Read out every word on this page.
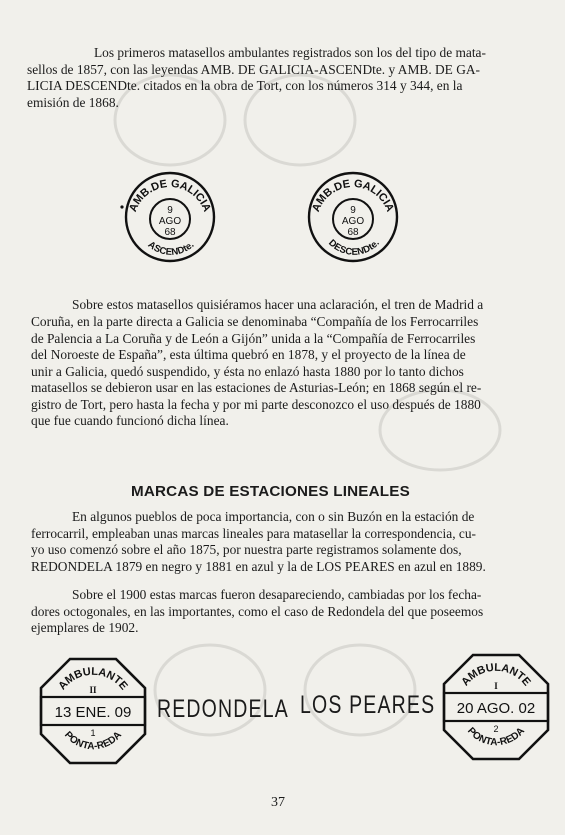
Los primeros matasellos ambulantes registrados son los del tipo de mata-
sellos de 1857, con las leyendas AMB. DE GALICIA-ASCENDte. y AMB. DE GA-
LICIA DESCENDte. citados en la obra de Tort, con los números 314 y 344, en la
emisión de 1868.
AMB.DE GALICIA
9
AGO
68
ASCENDte.
AMB.DE GALICIA
9
AGO
68
DESCENDte.
Sobre estos matasellos quisiéramos hacer una aclaración, el tren de Madrid a
Coruña, en la parte directa a Galicia se denominaba “Compañía de los Ferrocarriles
de Palencia a La Coruña y de León a Gijón” unida a la “Compañía de Ferrocarriles
del Noroeste de España”, esta última quebró en 1878, y el proyecto de la línea de
unir a Galicia, quedó suspendido, y ésta no enlazó hasta 1880 por lo tanto dichos
matasellos se debieron usar en las estaciones de Asturias-León; en 1868 según el re-
gistro de Tort, pero hasta la fecha y por mi parte desconozco el uso después de 1880
que fue cuando funcionó dicha línea.
MARCAS DE ESTACIONES LINEALES
En algunos pueblos de poca importancia, con o sin Buzón en la estación de
ferrocarril, empleaban unas marcas lineales para matasellar la correspondencia, cu-
yo uso comenzó sobre el año 1875, por nuestra parte registramos solamente dos,
REDONDELA 1879 en negro y 1881 en azul y la de LOS PEARES en azul en 1889.
Sobre el 1900 estas marcas fueron desapareciendo, cambiadas por los fecha-
dores octogonales, en las importantes, como el caso de Redondela del que poseemos
ejemplares de 1902.
AMBULANTE
II
13 ENE. 09
1
PONTA-REDA
REDONDELA LOS PEARES
AMBULANTE
I
20 AGO. 02
2
PONTA-REDA
37
